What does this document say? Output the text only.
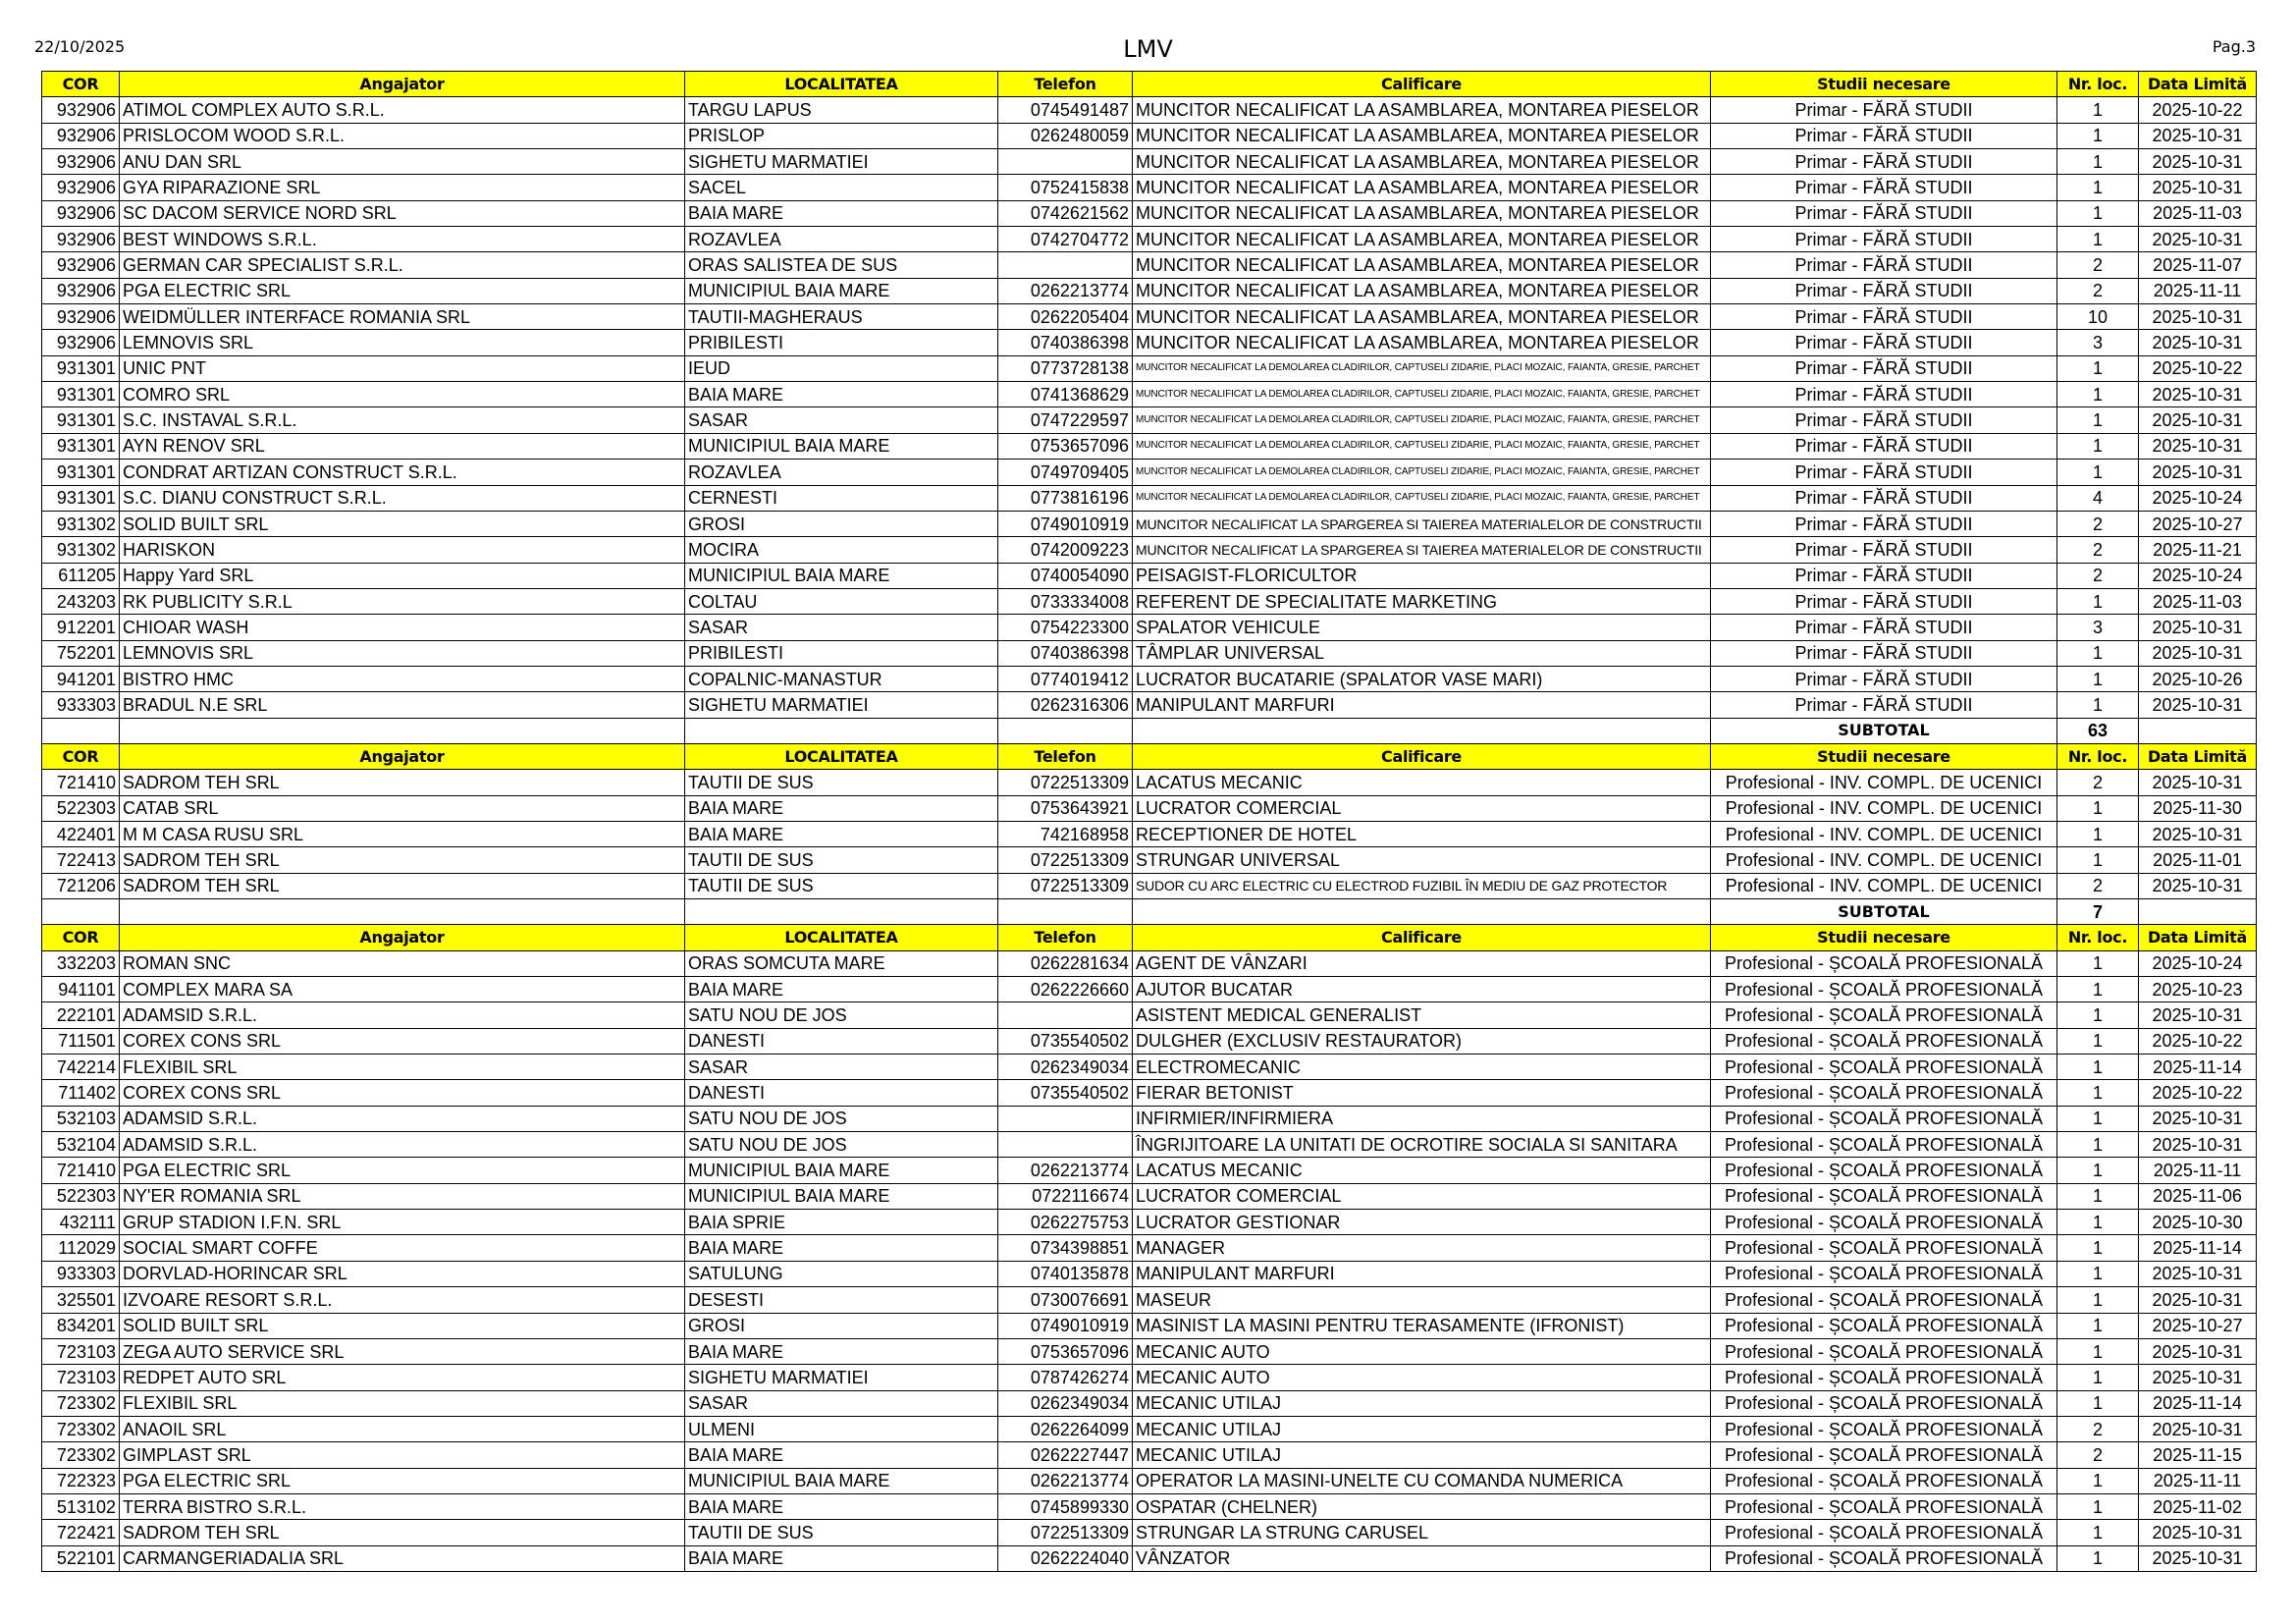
22/10/2025	LMV	Pag.3
COR	Angajator	LOCALITATEA	Telefon	Calificare	Studii necesare	Nr. loc.	Data Limită
932906	ATIMOL COMPLEX AUTO S.R.L.	TARGU LAPUS	0745491487	MUNCITOR NECALIFICAT LA ASAMBLAREA, MONTAREA PIESELOR	Primar - FĂRĂ STUDII	1	2025-10-22
932906	PRISLOCOM WOOD S.R.L.	PRISLOP	0262480059	MUNCITOR NECALIFICAT LA ASAMBLAREA, MONTAREA PIESELOR	Primar - FĂRĂ STUDII	1	2025-10-31
932906	ANU DAN SRL	SIGHETU MARMATIEI		MUNCITOR NECALIFICAT LA ASAMBLAREA, MONTAREA PIESELOR	Primar - FĂRĂ STUDII	1	2025-10-31
932906	GYA RIPARAZIONE SRL	SACEL	0752415838	MUNCITOR NECALIFICAT LA ASAMBLAREA, MONTAREA PIESELOR	Primar - FĂRĂ STUDII	1	2025-10-31
932906	SC DACOM SERVICE NORD SRL	BAIA MARE	0742621562	MUNCITOR NECALIFICAT LA ASAMBLAREA, MONTAREA PIESELOR	Primar - FĂRĂ STUDII	1	2025-11-03
932906	BEST WINDOWS S.R.L.	ROZAVLEA	0742704772	MUNCITOR NECALIFICAT LA ASAMBLAREA, MONTAREA PIESELOR	Primar - FĂRĂ STUDII	1	2025-10-31
932906	GERMAN CAR SPECIALIST S.R.L.	ORAS SALISTEA DE SUS		MUNCITOR NECALIFICAT LA ASAMBLAREA, MONTAREA PIESELOR	Primar - FĂRĂ STUDII	2	2025-11-07
932906	PGA ELECTRIC SRL	MUNICIPIUL BAIA MARE	0262213774	MUNCITOR NECALIFICAT LA ASAMBLAREA, MONTAREA PIESELOR	Primar - FĂRĂ STUDII	2	2025-11-11
932906	WEIDMÜLLER INTERFACE ROMANIA SRL	TAUTII-MAGHERAUS	0262205404	MUNCITOR NECALIFICAT LA ASAMBLAREA, MONTAREA PIESELOR	Primar - FĂRĂ STUDII	10	2025-10-31
932906	LEMNOVIS SRL	PRIBILESTI	0740386398	MUNCITOR NECALIFICAT LA ASAMBLAREA, MONTAREA PIESELOR	Primar - FĂRĂ STUDII	3	2025-10-31
931301	UNIC PNT	IEUD	0773728138	MUNCITOR NECALIFICAT LA DEMOLAREA CLADIRILOR, CAPTUSELI ZIDARIE, PLACI MOZAIC, FAIANTA, GRESIE, PARCHET	Primar - FĂRĂ STUDII	1	2025-10-22
931301	COMRO SRL	BAIA MARE	0741368629	MUNCITOR NECALIFICAT LA DEMOLAREA CLADIRILOR, CAPTUSELI ZIDARIE, PLACI MOZAIC, FAIANTA, GRESIE, PARCHET	Primar - FĂRĂ STUDII	1	2025-10-31
931301	S.C. INSTAVAL S.R.L.	SASAR	0747229597	MUNCITOR NECALIFICAT LA DEMOLAREA CLADIRILOR, CAPTUSELI ZIDARIE, PLACI MOZAIC, FAIANTA, GRESIE, PARCHET	Primar - FĂRĂ STUDII	1	2025-10-31
931301	AYN RENOV SRL	MUNICIPIUL BAIA MARE	0753657096	MUNCITOR NECALIFICAT LA DEMOLAREA CLADIRILOR, CAPTUSELI ZIDARIE, PLACI MOZAIC, FAIANTA, GRESIE, PARCHET	Primar - FĂRĂ STUDII	1	2025-10-31
931301	CONDRAT ARTIZAN CONSTRUCT S.R.L.	ROZAVLEA	0749709405	MUNCITOR NECALIFICAT LA DEMOLAREA CLADIRILOR, CAPTUSELI ZIDARIE, PLACI MOZAIC, FAIANTA, GRESIE, PARCHET	Primar - FĂRĂ STUDII	1	2025-10-31
931301	S.C. DIANU CONSTRUCT S.R.L.	CERNESTI	0773816196	MUNCITOR NECALIFICAT LA DEMOLAREA CLADIRILOR, CAPTUSELI ZIDARIE, PLACI MOZAIC, FAIANTA, GRESIE, PARCHET	Primar - FĂRĂ STUDII	4	2025-10-24
931302	SOLID BUILT SRL	GROSI	0749010919	MUNCITOR NECALIFICAT LA SPARGEREA SI TAIEREA MATERIALELOR DE CONSTRUCTII	Primar - FĂRĂ STUDII	2	2025-10-27
931302	HARISKON	MOCIRA	0742009223	MUNCITOR NECALIFICAT LA SPARGEREA SI TAIEREA MATERIALELOR DE CONSTRUCTII	Primar - FĂRĂ STUDII	2	2025-11-21
611205	Happy Yard SRL	MUNICIPIUL BAIA MARE	0740054090	PEISAGIST-FLORICULTOR	Primar - FĂRĂ STUDII	2	2025-10-24
243203	RK PUBLICITY S.R.L	COLTAU	0733334008	REFERENT DE SPECIALITATE MARKETING	Primar - FĂRĂ STUDII	1	2025-11-03
912201	CHIOAR WASH	SASAR	0754223300	SPALATOR VEHICULE	Primar - FĂRĂ STUDII	3	2025-10-31
752201	LEMNOVIS SRL	PRIBILESTI	0740386398	TÂMPLAR UNIVERSAL	Primar - FĂRĂ STUDII	1	2025-10-31
941201	BISTRO HMC	COPALNIC-MANASTUR	0774019412	LUCRATOR BUCATARIE (SPALATOR VASE MARI)	Primar - FĂRĂ STUDII	1	2025-10-26
933303	BRADUL N.E SRL	SIGHETU MARMATIEI	0262316306	MANIPULANT MARFURI	Primar - FĂRĂ STUDII	1	2025-10-31
					SUBTOTAL	63	
COR	Angajator	LOCALITATEA	Telefon	Calificare	Studii necesare	Nr. loc.	Data Limită
721410	SADROM TEH SRL	TAUTII DE SUS	0722513309	LACATUS MECANIC	Profesional - INV. COMPL. DE UCENICI	2	2025-10-31
522303	CATAB SRL	BAIA MARE	0753643921	LUCRATOR COMERCIAL	Profesional - INV. COMPL. DE UCENICI	1	2025-11-30
422401	M M CASA RUSU SRL	BAIA MARE	742168958	RECEPTIONER DE HOTEL	Profesional - INV. COMPL. DE UCENICI	1	2025-10-31
722413	SADROM TEH SRL	TAUTII DE SUS	0722513309	STRUNGAR UNIVERSAL	Profesional - INV. COMPL. DE UCENICI	1	2025-11-01
721206	SADROM TEH SRL	TAUTII DE SUS	0722513309	SUDOR CU ARC ELECTRIC CU ELECTROD FUZIBIL ÎN MEDIU DE GAZ PROTECTOR	Profesional - INV. COMPL. DE UCENICI	2	2025-10-31
					SUBTOTAL	7	
COR	Angajator	LOCALITATEA	Telefon	Calificare	Studii necesare	Nr. loc.	Data Limită
332203	ROMAN SNC	ORAS SOMCUTA MARE	0262281634	AGENT DE VÂNZARI	Profesional - ȘCOALĂ PROFESIONALĂ	1	2025-10-24
941101	COMPLEX MARA SA	BAIA MARE	0262226660	AJUTOR BUCATAR	Profesional - ȘCOALĂ PROFESIONALĂ	1	2025-10-23
222101	ADAMSID S.R.L.	SATU NOU DE JOS		ASISTENT MEDICAL GENERALIST	Profesional - ȘCOALĂ PROFESIONALĂ	1	2025-10-31
711501	COREX CONS SRL	DANESTI	0735540502	DULGHER (EXCLUSIV RESTAURATOR)	Profesional - ȘCOALĂ PROFESIONALĂ	1	2025-10-22
742214	FLEXIBIL SRL	SASAR	0262349034	ELECTROMECANIC	Profesional - ȘCOALĂ PROFESIONALĂ	1	2025-11-14
711402	COREX CONS SRL	DANESTI	0735540502	FIERAR BETONIST	Profesional - ȘCOALĂ PROFESIONALĂ	1	2025-10-22
532103	ADAMSID S.R.L.	SATU NOU DE JOS		INFIRMIER/INFIRMIERA	Profesional - ȘCOALĂ PROFESIONALĂ	1	2025-10-31
532104	ADAMSID S.R.L.	SATU NOU DE JOS		ÎNGRIJITOARE LA UNITATI DE OCROTIRE SOCIALA SI SANITARA	Profesional - ȘCOALĂ PROFESIONALĂ	1	2025-10-31
721410	PGA ELECTRIC SRL	MUNICIPIUL BAIA MARE	0262213774	LACATUS MECANIC	Profesional - ȘCOALĂ PROFESIONALĂ	1	2025-11-11
522303	NY'ER ROMANIA SRL	MUNICIPIUL BAIA MARE	0722116674	LUCRATOR COMERCIAL	Profesional - ȘCOALĂ PROFESIONALĂ	1	2025-11-06
432111	GRUP STADION I.F.N. SRL	BAIA SPRIE	0262275753	LUCRATOR GESTIONAR	Profesional - ȘCOALĂ PROFESIONALĂ	1	2025-10-30
112029	SOCIAL SMART COFFE	BAIA MARE	0734398851	MANAGER	Profesional - ȘCOALĂ PROFESIONALĂ	1	2025-11-14
933303	DORVLAD-HORINCAR SRL	SATULUNG	0740135878	MANIPULANT MARFURI	Profesional - ȘCOALĂ PROFESIONALĂ	1	2025-10-31
325501	IZVOARE RESORT S.R.L.	DESESTI	0730076691	MASEUR	Profesional - ȘCOALĂ PROFESIONALĂ	1	2025-10-31
834201	SOLID BUILT SRL	GROSI	0749010919	MASINIST LA MASINI PENTRU TERASAMENTE (IFRONIST)	Profesional - ȘCOALĂ PROFESIONALĂ	1	2025-10-27
723103	ZEGA AUTO SERVICE SRL	BAIA MARE	0753657096	MECANIC AUTO	Profesional - ȘCOALĂ PROFESIONALĂ	1	2025-10-31
723103	REDPET AUTO SRL	SIGHETU MARMATIEI	0787426274	MECANIC AUTO	Profesional - ȘCOALĂ PROFESIONALĂ	1	2025-10-31
723302	FLEXIBIL SRL	SASAR	0262349034	MECANIC UTILAJ	Profesional - ȘCOALĂ PROFESIONALĂ	1	2025-11-14
723302	ANAOIL SRL	ULMENI	0262264099	MECANIC UTILAJ	Profesional - ȘCOALĂ PROFESIONALĂ	2	2025-10-31
723302	GIMPLAST SRL	BAIA MARE	0262227447	MECANIC UTILAJ	Profesional - ȘCOALĂ PROFESIONALĂ	2	2025-11-15
722323	PGA ELECTRIC SRL	MUNICIPIUL BAIA MARE	0262213774	OPERATOR LA MASINI-UNELTE CU COMANDA NUMERICA	Profesional - ȘCOALĂ PROFESIONALĂ	1	2025-11-11
513102	TERRA BISTRO S.R.L.	BAIA MARE	0745899330	OSPATAR (CHELNER)	Profesional - ȘCOALĂ PROFESIONALĂ	1	2025-11-02
722421	SADROM TEH SRL	TAUTII DE SUS	0722513309	STRUNGAR LA STRUNG CARUSEL	Profesional - ȘCOALĂ PROFESIONALĂ	1	2025-10-31
522101	CARMANGERIADALIA SRL	BAIA MARE	0262224040	VÂNZATOR	Profesional - ȘCOALĂ PROFESIONALĂ	1	2025-10-31
